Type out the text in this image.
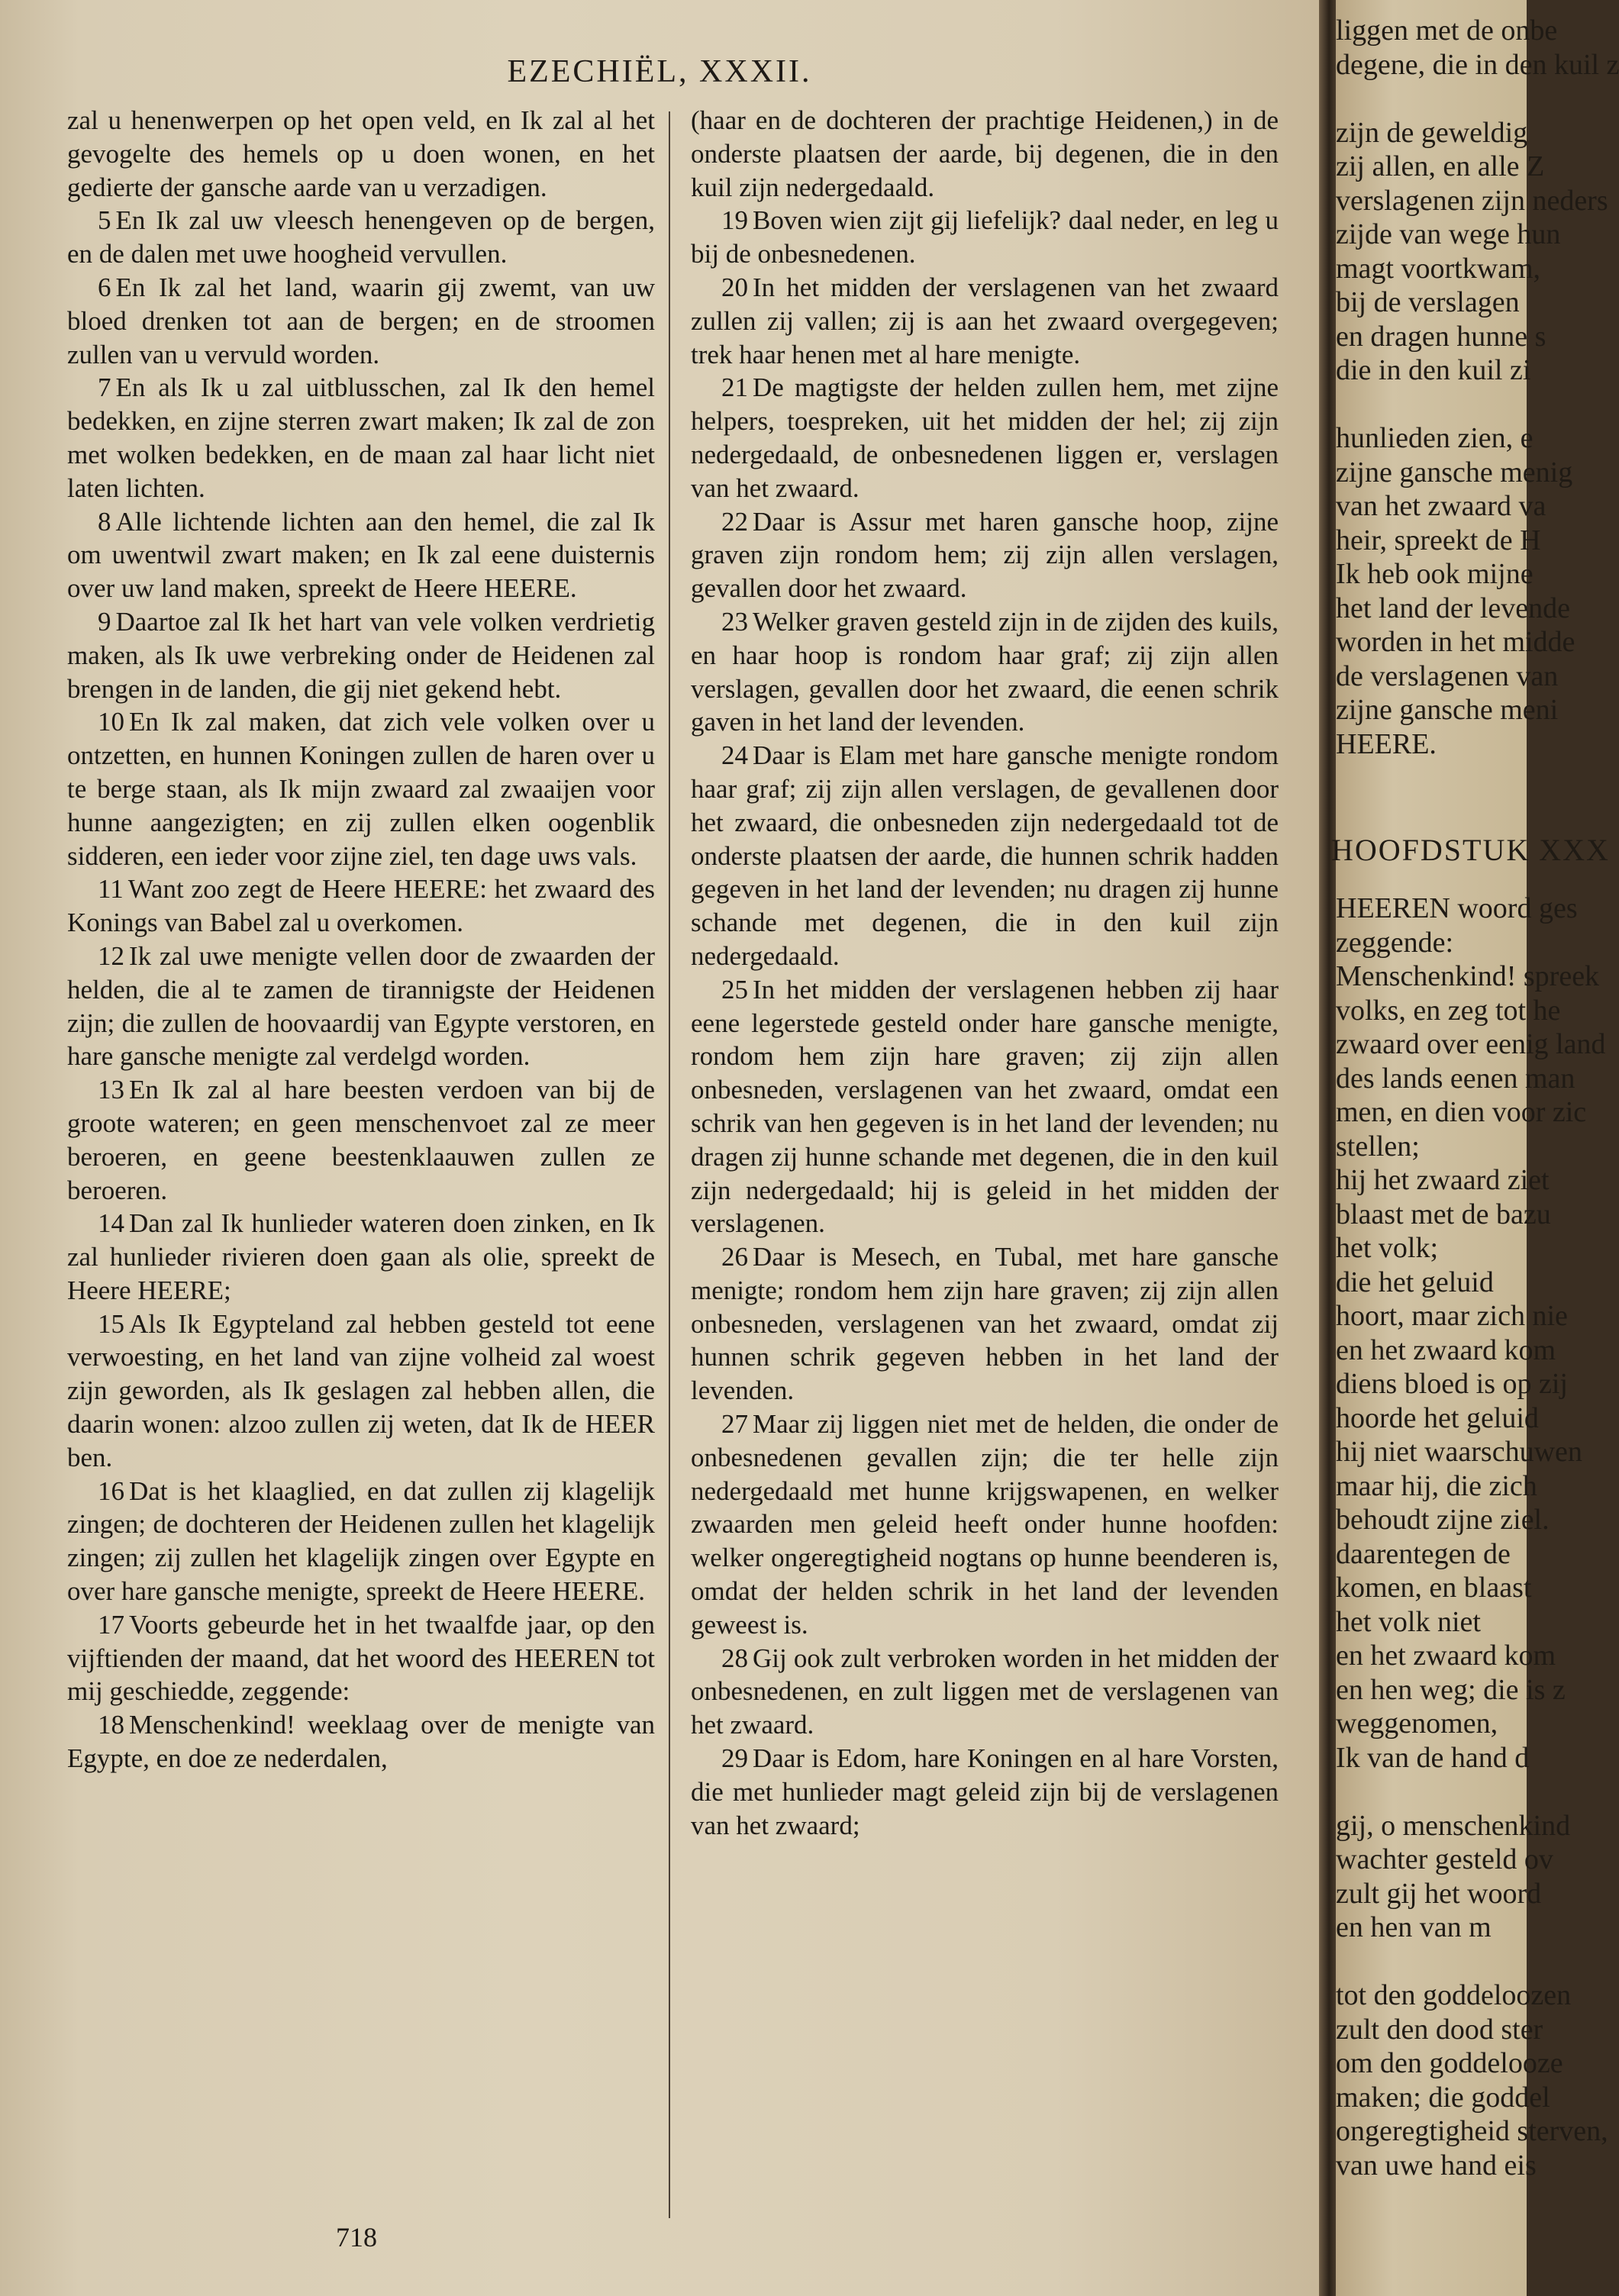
EZECHIËL, XXXII.

zal u henenwerpen op het open veld, en Ik zal al het gevogelte des hemels op u doen wonen, en het gedierte der gansche aarde van u verzadigen.

5 En Ik zal uw vleesch henengeven op de bergen, en de dalen met uwe hoogheid vervullen.

6 En Ik zal het land, waarin gij zwemt, van uw bloed drenken tot aan de bergen; en de stroomen zullen van u vervuld worden.

7 En als Ik u zal uitblusschen, zal Ik den hemel bedekken, en zijne sterren zwart maken; Ik zal de zon met wolken bedekken, en de maan zal haar licht niet laten lichten.

8 Alle lichtende lichten aan den hemel, die zal Ik om uwentwil zwart maken; en Ik zal eene duisternis over uw land maken, spreekt de Heere HEERE.

9 Daartoe zal Ik het hart van vele volken verdrietig maken, als Ik uwe verbreking onder de Heidenen zal brengen in de landen, die gij niet gekend hebt.

10 En Ik zal maken, dat zich vele volken over u ontzetten, en hunnen Koningen zullen de haren over u te berge staan, als Ik mijn zwaard zal zwaaijen voor hunne aangezigten; en zij zullen elken oogenblik sidderen, een ieder voor zijne ziel, ten dage uws vals.

11 Want zoo zegt de Heere HEERE: het zwaard des Konings van Babel zal u overkomen.

12 Ik zal uwe menigte vellen door de zwaarden der helden, die al te zamen de tirannigste der Heidenen zijn; die zullen de hoovaardij van Egypte verstoren, en hare gansche menigte zal verdelgd worden.

13 En Ik zal al hare beesten verdoen van bij de groote wateren; en geen menschenvoet zal ze meer beroeren, en geene beestenklaauwen zullen ze beroeren.

14 Dan zal Ik hunlieder wateren doen zinken, en Ik zal hunlieder rivieren doen gaan als olie, spreekt de Heere HEERE;

15 Als Ik Egypteland zal hebben gesteld tot eene verwoesting, en het land van zijne volheid zal woest zijn geworden, als Ik geslagen zal hebben allen, die daarin wonen: alzoo zullen zij weten, dat Ik de HEER ben.

16 Dat is het klaaglied, en dat zullen zij klagelijk zingen; de dochteren der Heidenen zullen het klagelijk zingen; zij zullen het klagelijk zingen over Egypte en over hare gansche menigte, spreekt de Heere HEERE.

17 Voorts gebeurde het in het twaalfde jaar, op den vijftienden der maand, dat het woord des HEEREN tot mij geschiedde, zeggende:

18 Menschenkind! weeklaag over de menigte van Egypte, en doe ze nederdalen,

(haar en de dochteren der prachtige Heidenen,) in de onderste plaatsen der aarde, bij degenen, die in den kuil zijn nedergedaald.

19 Boven wien zijt gij liefelijk? daal neder, en leg u bij de onbesnedenen.

20 In het midden der verslagenen van het zwaard zullen zij vallen; zij is aan het zwaard overgegeven; trek haar henen met al hare menigte.

21 De magtigste der helden zullen hem, met zijne helpers, toespreken, uit het midden der hel; zij zijn nedergedaald, de onbesnedenen liggen er, verslagen van het zwaard.

22 Daar is Assur met haren gansche hoop, zijne graven zijn rondom hem; zij zijn allen verslagen, gevallen door het zwaard.

23 Welker graven gesteld zijn in de zijden des kuils, en haar hoop is rondom haar graf; zij zijn allen verslagen, gevallen door het zwaard, die eenen schrik gaven in het land der levenden.

24 Daar is Elam met hare gansche menigte rondom haar graf; zij zijn allen verslagen, de gevallenen door het zwaard, die onbesneden zijn nedergedaald tot de onderste plaatsen der aarde, die hunnen schrik hadden gegeven in het land der levenden; nu dragen zij hunne schande met degenen, die in den kuil zijn nedergedaald.

25 In het midden der verslagenen hebben zij haar eene legerstede gesteld onder hare gansche menigte, rondom hem zijn hare graven; zij zijn allen onbesneden, verslagenen van het zwaard, omdat een schrik van hen gegeven is in het land der levenden; nu dragen zij hunne schande met degenen, die in den kuil zijn nedergedaald; hij is geleid in het midden der verslagenen.

26 Daar is Mesech, en Tubal, met hare gansche menigte; rondom hem zijn hare graven; zij zijn allen onbesneden, verslagenen van het zwaard, omdat zij hunnen schrik gegeven hebben in het land der levenden.

27 Maar zij liggen niet met de helden, die onder de onbesnedenen gevallen zijn; die ter helle zijn nedergedaald met hunne krijgswapenen, en welker zwaarden men geleid heeft onder hunne hoofden: welker ongeregtigheid nogtans op hunne beenderen is, omdat der helden schrik in het land der levenden geweest is.

28 Gij ook zult verbroken worden in het midden der onbesnedenen, en zult liggen met de verslagenen van het zwaard.

29 Daar is Edom, hare Koningen en al hare Vorsten, die met hunlieder magt geleid zijn bij de verslagenen van het zwaard;

718
liggen met de onbe
degene, die in den kuil z
zijn de geweldig
zij allen, en alle Z
verslagenen zijn neders
zijde van wege hun
magt voortkwam,
bij de verslagen
en dragen hunne s
die in den kuil zi
hunlieden zien, e
zijne gansche menig
van het zwaard va
heir, spreekt de H
Ik heb ook mijne
het land der levende
worden in het midde
de verslagenen van
zijne gansche meni
HEERE.
HOOFDSTUK XXX
HEEREN woord ges
zeggende:
Menschenkind! spreek
volks, en zeg tot he
zwaard over eenig land
des lands eenen man
men, en dien voor zic
stellen;
hij het zwaard ziet
blaast met de bazu
het volk;
die het geluid
hoort, maar zich nie
en het zwaard kom
diens bloed is op zij
hoorde het geluid
hij niet waarschuwen
maar hij, die zich
behoudt zijne ziel.
daarentegen de
komen, en blaast
het volk niet
en het zwaard kom
en hen weg; die is z
weggenomen,
Ik van de hand d
gij, o menschenkind
wachter gesteld ov
zult gij het woord
en hen van m
tot den goddeloozen
zult den dood ster
om den goddelooze
maken; die goddel
ongeregtigheid sterven,
van uwe hand eis
